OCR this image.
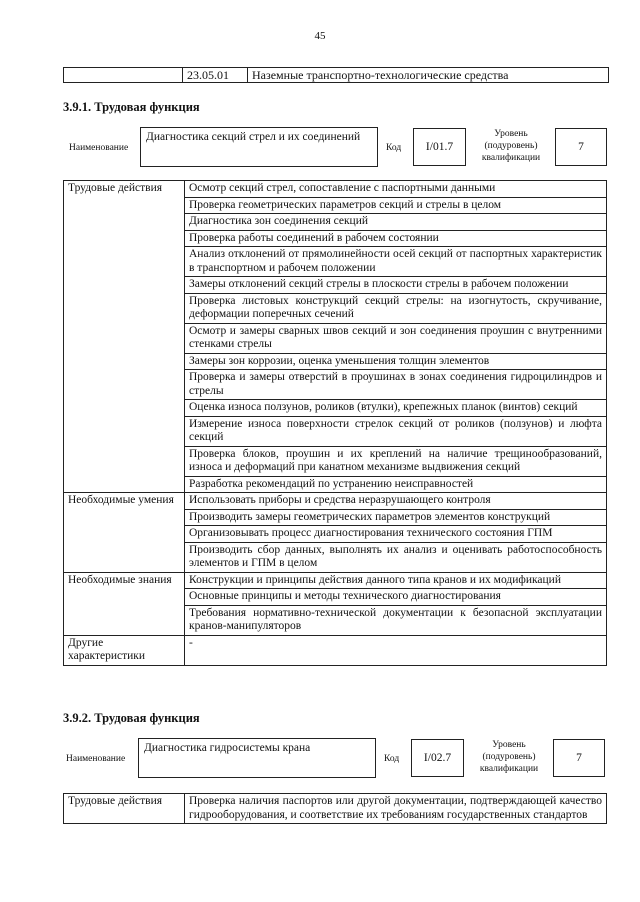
45
	23.05.01	Наземные транспортно-технологические средства
3.9.1. Трудовая функция
Наименование
Диагностика секций стрел и их соединений
Код	I/01.7
Уровень
(подуровень)
квалификации
7
Трудовые действия	Осмотр секций стрел, сопоставление с паспортными данными
	Проверка геометрических параметров секций и стрелы в целом
	Диагностика зон соединения секций
	Проверка работы соединений в рабочем состоянии
	Анализ отклонений от прямолинейности осей секций от паспортных характеристик в транспортном и рабочем положении
	Замеры отклонений секций стрелы в плоскости стрелы в рабочем положении
	Проверка листовых конструкций секций стрелы: на изогнутость, скручивание, деформации поперечных сечений
	Осмотр и замеры сварных швов секций и зон соединения проушин с внутренними стенками стрелы
	Замеры зон коррозии, оценка уменьшения толщин элементов
	Проверка и замеры отверстий в проушинах в зонах соединения гидроцилиндров и стрелы
	Оценка износа ползунов, роликов (втулки), крепежных планок (винтов) секций
	Измерение износа поверхности стрелок секций от роликов (ползунов) и люфта секций
	Проверка блоков, проушин и их креплений на наличие трещинообразований, износа и деформаций при канатном механизме выдвижения секций
	Разработка рекомендаций по устранению неисправностей
Необходимые умения	Использовать приборы и средства неразрушающего контроля
	Производить замеры геометрических параметров элементов конструкций
	Организовывать процесс диагностирования технического состояния ГПМ
	Производить сбор данных, выполнять их анализ и оценивать работоспособность элементов и ГПМ в целом
Необходимые знания	Конструкции и принципы действия данного типа кранов и их модификаций
	Основные принципы и методы технического диагностирования
	Требования нормативно-технической документации к безопасной эксплуатации кранов-манипуляторов
Другие характеристики	-
3.9.2. Трудовая функция
Наименование
Диагностика гидросистемы крана
Код	I/02.7
Уровень
(подуровень)
квалификации
7
Трудовые действия	Проверка наличия паспортов или другой документации, подтверждающей качество гидрооборудования, и соответствие их требованиям государственных стандартов
